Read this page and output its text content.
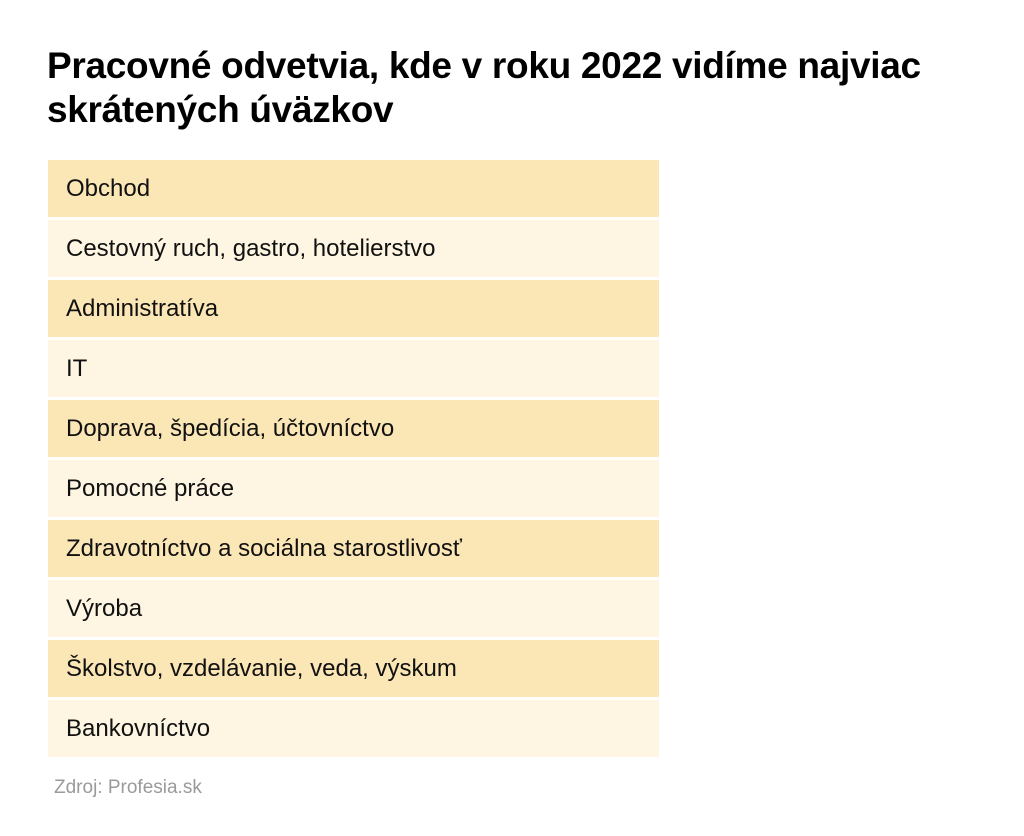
Pracovné odvetvia, kde v roku 2022 vidíme najviac skrátených úväzkov
Obchod
Cestovný ruch, gastro, hotelierstvo
Administratíva
IT
Doprava, špedícia, účtovníctvo
Pomocné práce
Zdravotníctvo a sociálna starostlivosť
Výroba
Školstvo, vzdelávanie, veda, výskum
Bankovníctvo
Zdroj: Profesia.sk
